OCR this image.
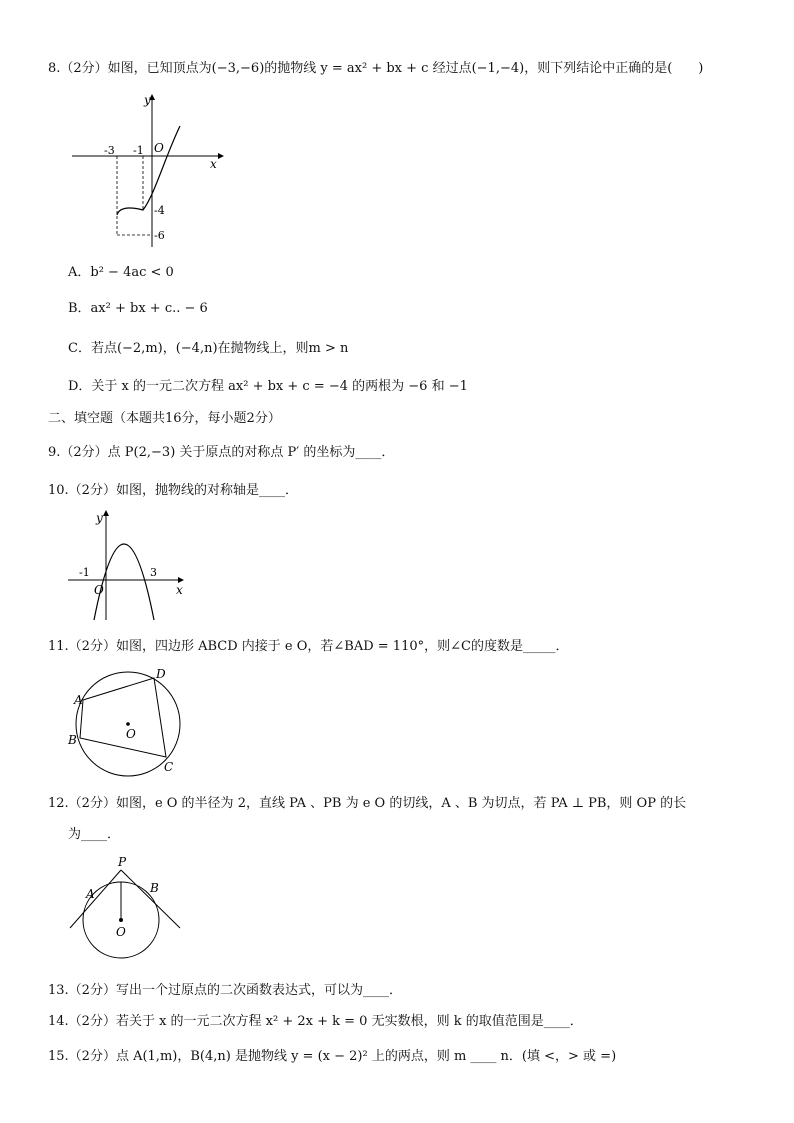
8.（2分）如图，已知顶点为(−3,−6)的抛物线 y = ax² + bx + c 经过点(−1,−4)，则下列结论中正确的是(　　)
y
x
O
-3 -1
-4
-6
A．b² − 4ac < 0
B．ax² + bx + c.. − 6
C．若点(−2,m)，(−4,n)在抛物线上，则m > n
D．关于 x 的一元二次方程 ax² + bx + c = −4 的两根为 −6 和 −1
二、填空题（本题共16分，每小题2分）
9.（2分）点 P(2,−3) 关于原点的对称点 P′ 的坐标为____．
10.（2分）如图，抛物线的对称轴是____．
y
x
O
-1	3
11.（2分）如图，四边形 ABCD 内接于 e O，若∠BAD = 110°，则∠C的度数是_____．
A
D
C
B	O
12.（2分）如图，e O 的半径为 2，直线 PA 、PB 为 e O 的切线，A 、B 为切点，若 PA ⊥ PB，则 OP 的长
为____．
P
A	B
O
13.（2分）写出一个过原点的二次函数表达式，可以为____．
14.（2分）若关于 x 的一元二次方程 x² + 2x + k = 0 无实数根，则 k 的取值范围是____．
15.（2分）点 A(1,m)，B(4,n) 是抛物线 y = (x − 2)² 上的两点，则 m ____ n．(填 <，> 或 =)
